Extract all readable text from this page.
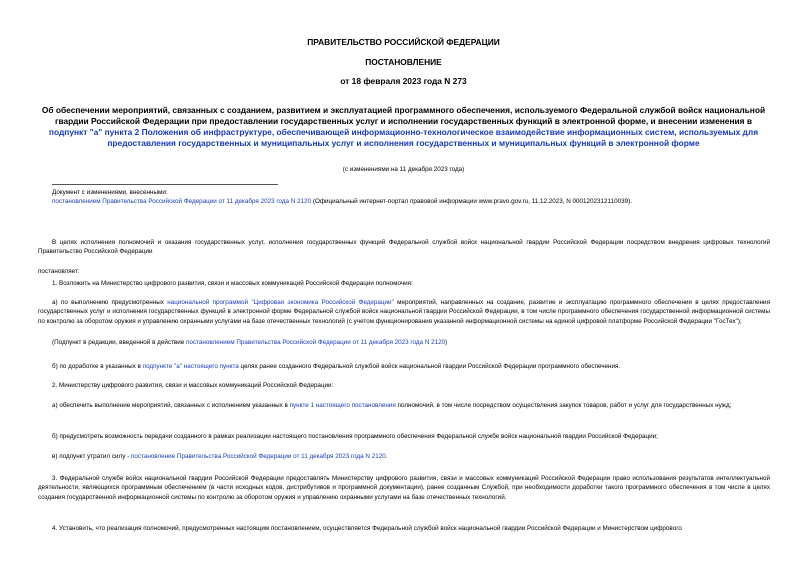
ПРАВИТЕЛЬСТВО РОССИЙСКОЙ ФЕДЕРАЦИИ
ПОСТАНОВЛЕНИЕ
от 18 февраля 2023 года N 273
Об обеспечении мероприятий, связанных с созданием, развитием и эксплуатацией программного обеспечения, используемого Федеральной службой войск национальной гвардии Российской Федерации при предоставлении государственных услуг и исполнении государственных функций в электронной форме, и внесении изменения в подпункт "а" пункта 2 Положения об инфраструктуре, обеспечивающей информационно-технологическое взаимодействие информационных систем, используемых для предоставления государственных и муниципальных услуг и исполнения государственных и муниципальных функций в электронной форме
(с изменениями на 11 декабря 2023 года)
Документ с изменениями, внесенными:
постановлением Правительства Российской Федерации от 11 декабря 2023 года N 2120 (Официальный интернет-портал правовой информации www.pravo.gov.ru, 11.12.2023, N 0001202312110039).
В целях исполнения полномочий и оказания государственных услуг, исполнения государственных функций Федеральной службой войск национальной гвардии Российской Федерации посредством внедрения цифровых технологий Правительство Российской Федерации
постановляет:
1. Возложить на Министерство цифрового развития, связи и массовых коммуникаций Российской Федерации полномочия:
а) по выполнению предусмотренных национальной программой "Цифровая экономика Российской Федерации" мероприятий, направленных на создание, развитие и эксплуатацию программного обеспечения в целях предоставления государственных услуг и исполнения государственных функций в электронной форме Федеральной службой войск национальной гвардии Российской Федерации, в том числе программного обеспечения государственной информационной системы по контролю за оборотом оружия и управлению охранными услугами на базе отечественных технологий (с учетом функционирования указанной информационной системы на единой цифровой платформе Российской Федерации "ГосТех");
(Подпункт в редакции, введенной в действие постановлением Правительства Российской Федерации от 11 декабря 2023 года N 2120)
б) по доработке в указанных в подпункте "а" настоящего пункта целях ранее созданного Федеральной службой войск национальной гвардии Российской Федерации программного обеспечения.
2. Министерству цифрового развития, связи и массовых коммуникаций Российской Федерации:
а) обеспечить выполнение мероприятий, связанных с исполнением указанных в пункте 1 настоящего постановления полномочий, в том числе посредством осуществления закупок товаров, работ и услуг для государственных нужд;
б) предусмотреть возможность передачи созданного в рамках реализации настоящего постановления программного обеспечения Федеральной службе войск национальной гвардии Российской Федерации;
в) подпункт утратил силу - постановление Правительства Российской Федерации от 11 декабря 2023 года N 2120.
3. Федеральной службе войск национальной гвардии Российской Федерации предоставлять Министерству цифрового развития, связи и массовых коммуникаций Российской Федерации право использования результатов интеллектуальной деятельности, являющихся программным обеспечением (в части исходных кодов, дистрибутивов и программной документации), ранее созданным Службой, при необходимости доработки такого программного обеспечения в том числе в целях создания государственной информационной системы по контролю за оборотом оружия и управлению охранными услугами на базе отечественных технологий.
4. Установить, что реализация полномочий, предусмотренных настоящим постановлением, осуществляется Федеральной службой войск национальной гвардии Российской Федерации и Министерством цифрового
